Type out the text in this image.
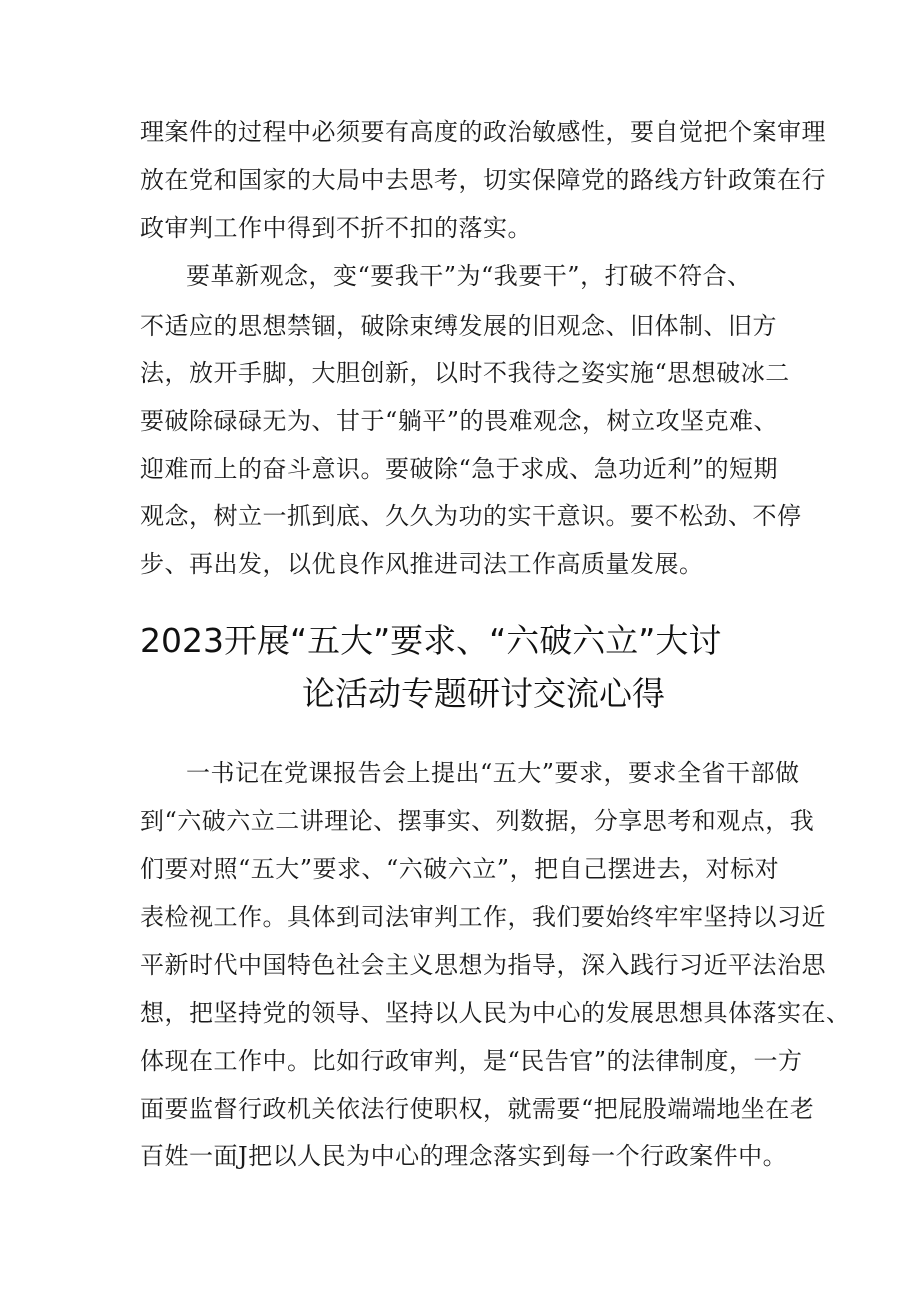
理案件的过程中必须要有高度的政治敏感性，要自觉把个案审理
放在党和国家的大局中去思考，切实保障党的路线方针政策在行
政审判工作中得到不折不扣的落实。
要革新观念，变“要我干”为“我要干”，打破不符合、
不适应的思想禁锢，破除束缚发展的旧观念、旧体制、旧方
法，放开手脚，大胆创新，以时不我待之姿实施“思想破冰二
要破除碌碌无为、甘于“躺平”的畏难观念，树立攻坚克难、
迎难而上的奋斗意识。要破除“急于求成、急功近利”的短期
观念，树立一抓到底、久久为功的实干意识。要不松劲、不停
步、再出发，以优良作风推进司法工作高质量发展。
2023开展“五大”要求、“六破六立”大讨
论活动专题研讨交流心得
一书记在党课报告会上提出“五大”要求，要求全省干部做
到“六破六立二讲理论、摆事实、列数据，分享思考和观点，我
们要对照“五大”要求、“六破六立”，把自己摆进去，对标对
表检视工作。具体到司法审判工作，我们要始终牢牢坚持以习近
平新时代中国特色社会主义思想为指导，深入践行习近平法治思
想，把坚持党的领导、坚持以人民为中心的发展思想具体落实在、
体现在工作中。比如行政审判，是“民告官”的法律制度，一方
面要监督行政机关依法行使职权，就需要“把屁股端端地坐在老
百姓一面J把以人民为中心的理念落实到每一个行政案件中。
